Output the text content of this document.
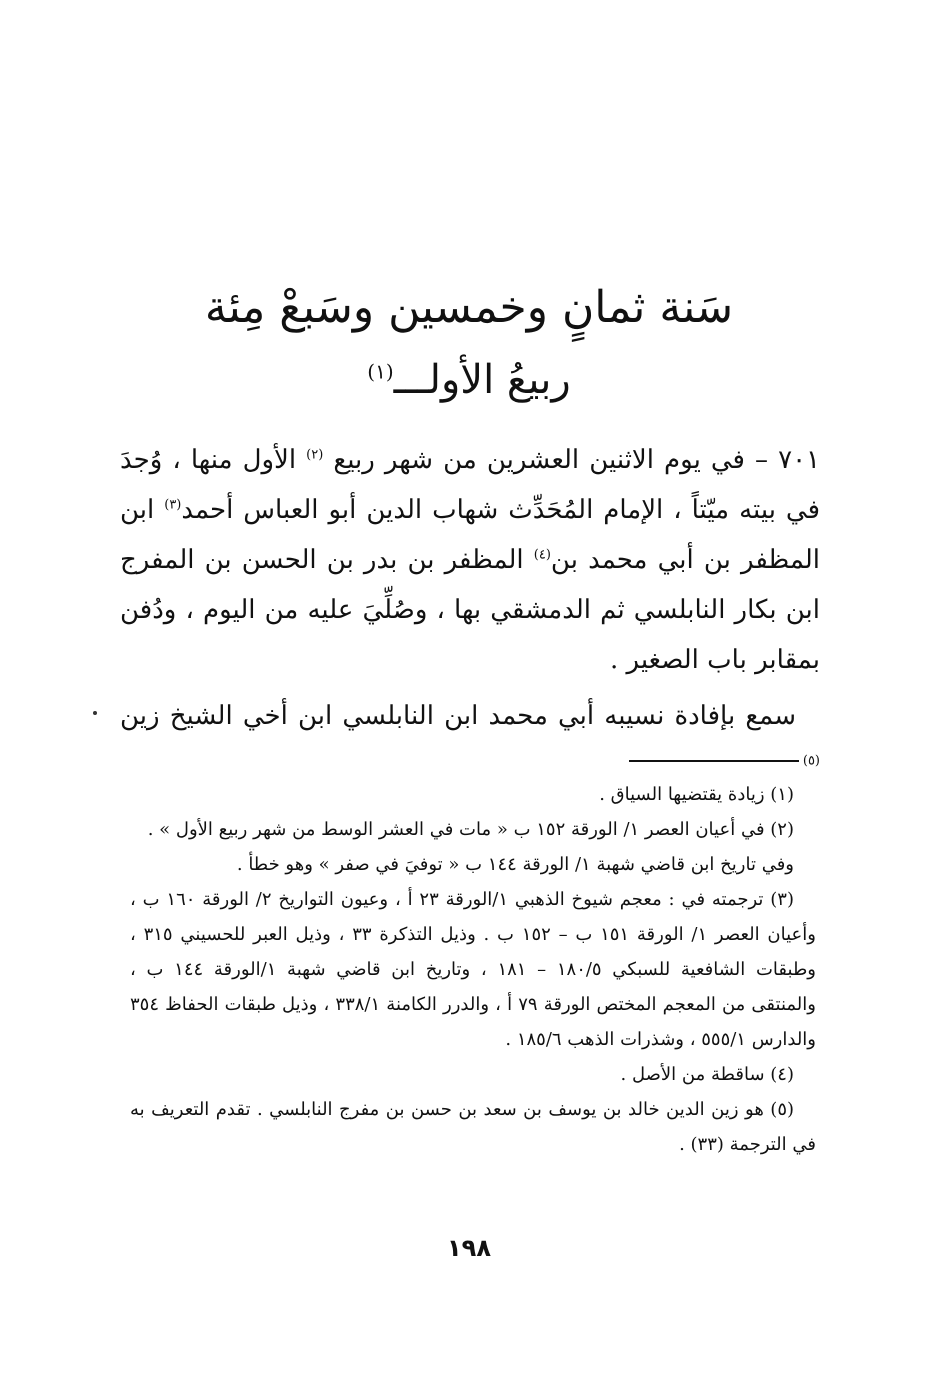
سَنة ثمانٍ وخمسين وسَبعْ مِئة
ربيعُ الأولـــ$^{(١)}$

٧٠١ – في يوم الاثنين العشرين من شهر ربيع $^{(٢)}$ الأول منها ، وُجدَ في بيته ميّتاً ، الإمام المُحَدِّث شهاب الدين أبو العباس أحمد$^{(٣)}$ ابن المظفر بن أبي محمد بن$^{(٤)}$ المظفر بن بدر بن الحسن بن المفرج ابن بكار النابلسي ثم الدمشقي بها ، وصُلِّيَ عليه من اليوم ، ودُفن بمقابر باب الصغير .

سمع بإفادة نسيبه أبي محمد ابن النابلسي ابن أخي الشيخ زين $^{(٥)}$

(١) زيادة يقتضيها السياق .

(٢) في أعيان العصر ١/ الورقة ١٥٢ ب « مات في العشر الوسط من شهر ربيع الأول » .

وفي تاريخ ابن قاضي شهبة ١/ الورقة ١٤٤ ب « توفيَ في صفر » وهو خطأ .

(٣) ترجمته في : معجم شيوخ الذهبي ١/الورقة ٢٣ أ ، وعيون التواريخ ٢/ الورقة ١٦٠ ب ، وأعيان العصر ١/ الورقة ١٥١ ب – ١٥٢ ب . وذيل التذكرة ٣٣ ، وذيل العبر للحسيني ٣١٥ ، وطبقات الشافعية للسبكي ١٨٠/٥ – ١٨١ ، وتاريخ ابن قاضي شهبة ١/الورقة ١٤٤ ب ، والمنتقى من المعجم المختص الورقة ٧٩ أ ، والدرر الكامنة ٣٣٨/١ ، وذيل طبقات الحفاظ ٣٥٤ والدارس ٥٥٥/١ ، وشذرات الذهب ١٨٥/٦ .

(٤) ساقطة من الأصل .

(٥) هو زين الدين خالد بن يوسف بن سعد بن حسن بن مفرج النابلسي . تقدم التعريف به في الترجمة (٣٣) .

١٩٨
